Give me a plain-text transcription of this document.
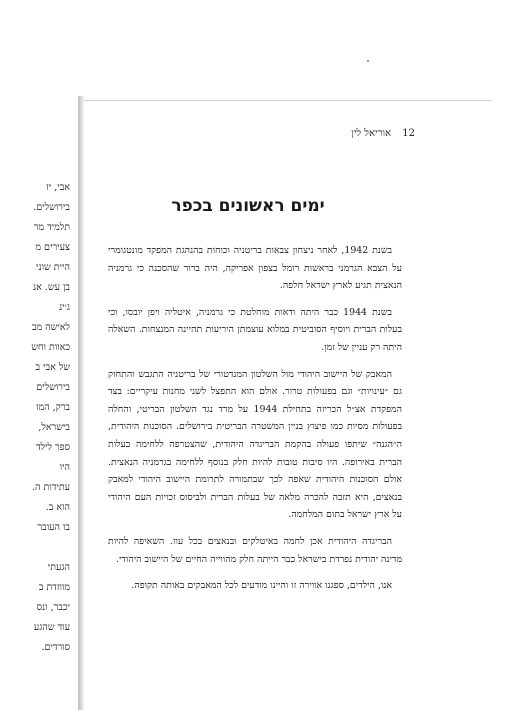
אבי, יז
בירושלים.
תלמיד מר
צעירים מ
היית שוני
בן עש. אנ
ג׳ינ
לאישה מב
כאוות וחש
של אבי ב
בירושלים
ברק, המו
בישראל,
ספר לילד
היו
עתידות ה.
הוא ב.
בו העובר
הגעתי
מווזדת ב
יכבר, ונס
עוד שהגע
סורדים.
12 אוריאל לין
ימים ראשונים בכפר

בשנת 1942, לאחר ניצחון צבאות בריטניה וכוחות בהנהגת המפקד מונטגומרי על הצבא הגרמני בראשות רומל בצפון אפריקה, היה ברור שהסכנה כי גרמניה הנאצית תגיע לארץ ישראל חלפה.

בשנת 1944 כבר היתה ודאות מוחלטת כי גרמניה, איטליה ויפן יובסו, וכי בעלות הברית ויוסיף הסוביטית במלוא עוצמתן היריעות תהיינה המנצחות. השאלה היתה רק עניין של זמן.

המאבק של היישוב היהודי מול השלטון המנדטורי של בריטניה התגבש והתחזק גם ״עינויות״ וגם בפעולות טרור. אולם הוא התפצל לשני מחנות עיקריים: בצד המפקדת אצ״ל הכריזה בתחילת 1944 על מרד נגד השלטון הבריטי, והחלה בפעולות מסיות כמו פיצוץ בניין המשטרה הבריטית בירושלים. הסוכנות היהודית, ה״הגנה״ שיתפו פעולה בהקמת הבריגדה היהודית, שהצטרפה ללחימה בעלות הברית באירופה. היו סיבות טובות להיות חלק בנוסף ללחימה בגרמניה הנאצית. אולם הסוכנות היהודית שאפה לכך שבתמורה לתרומת היישוב היהודי למאבק בנאצים, היא תזכה להכרה מלאה של בעלות הברית ולביסוס זכויות העם היהודי על ארץ ישראל בתום המלחמה.

הבריגדה היהודית אכן לחמה באיטלקים ובנאצים בכל עוז. השאיפה להיות מדינה יהודית נפרדת בישראל כבר הייתה חלק מהווייה החיים של היישוב היהודי.

אנו, הילדים, ספגנו אווירה זו והיינו מודעים לכל המאבקים באותה תקופה.
